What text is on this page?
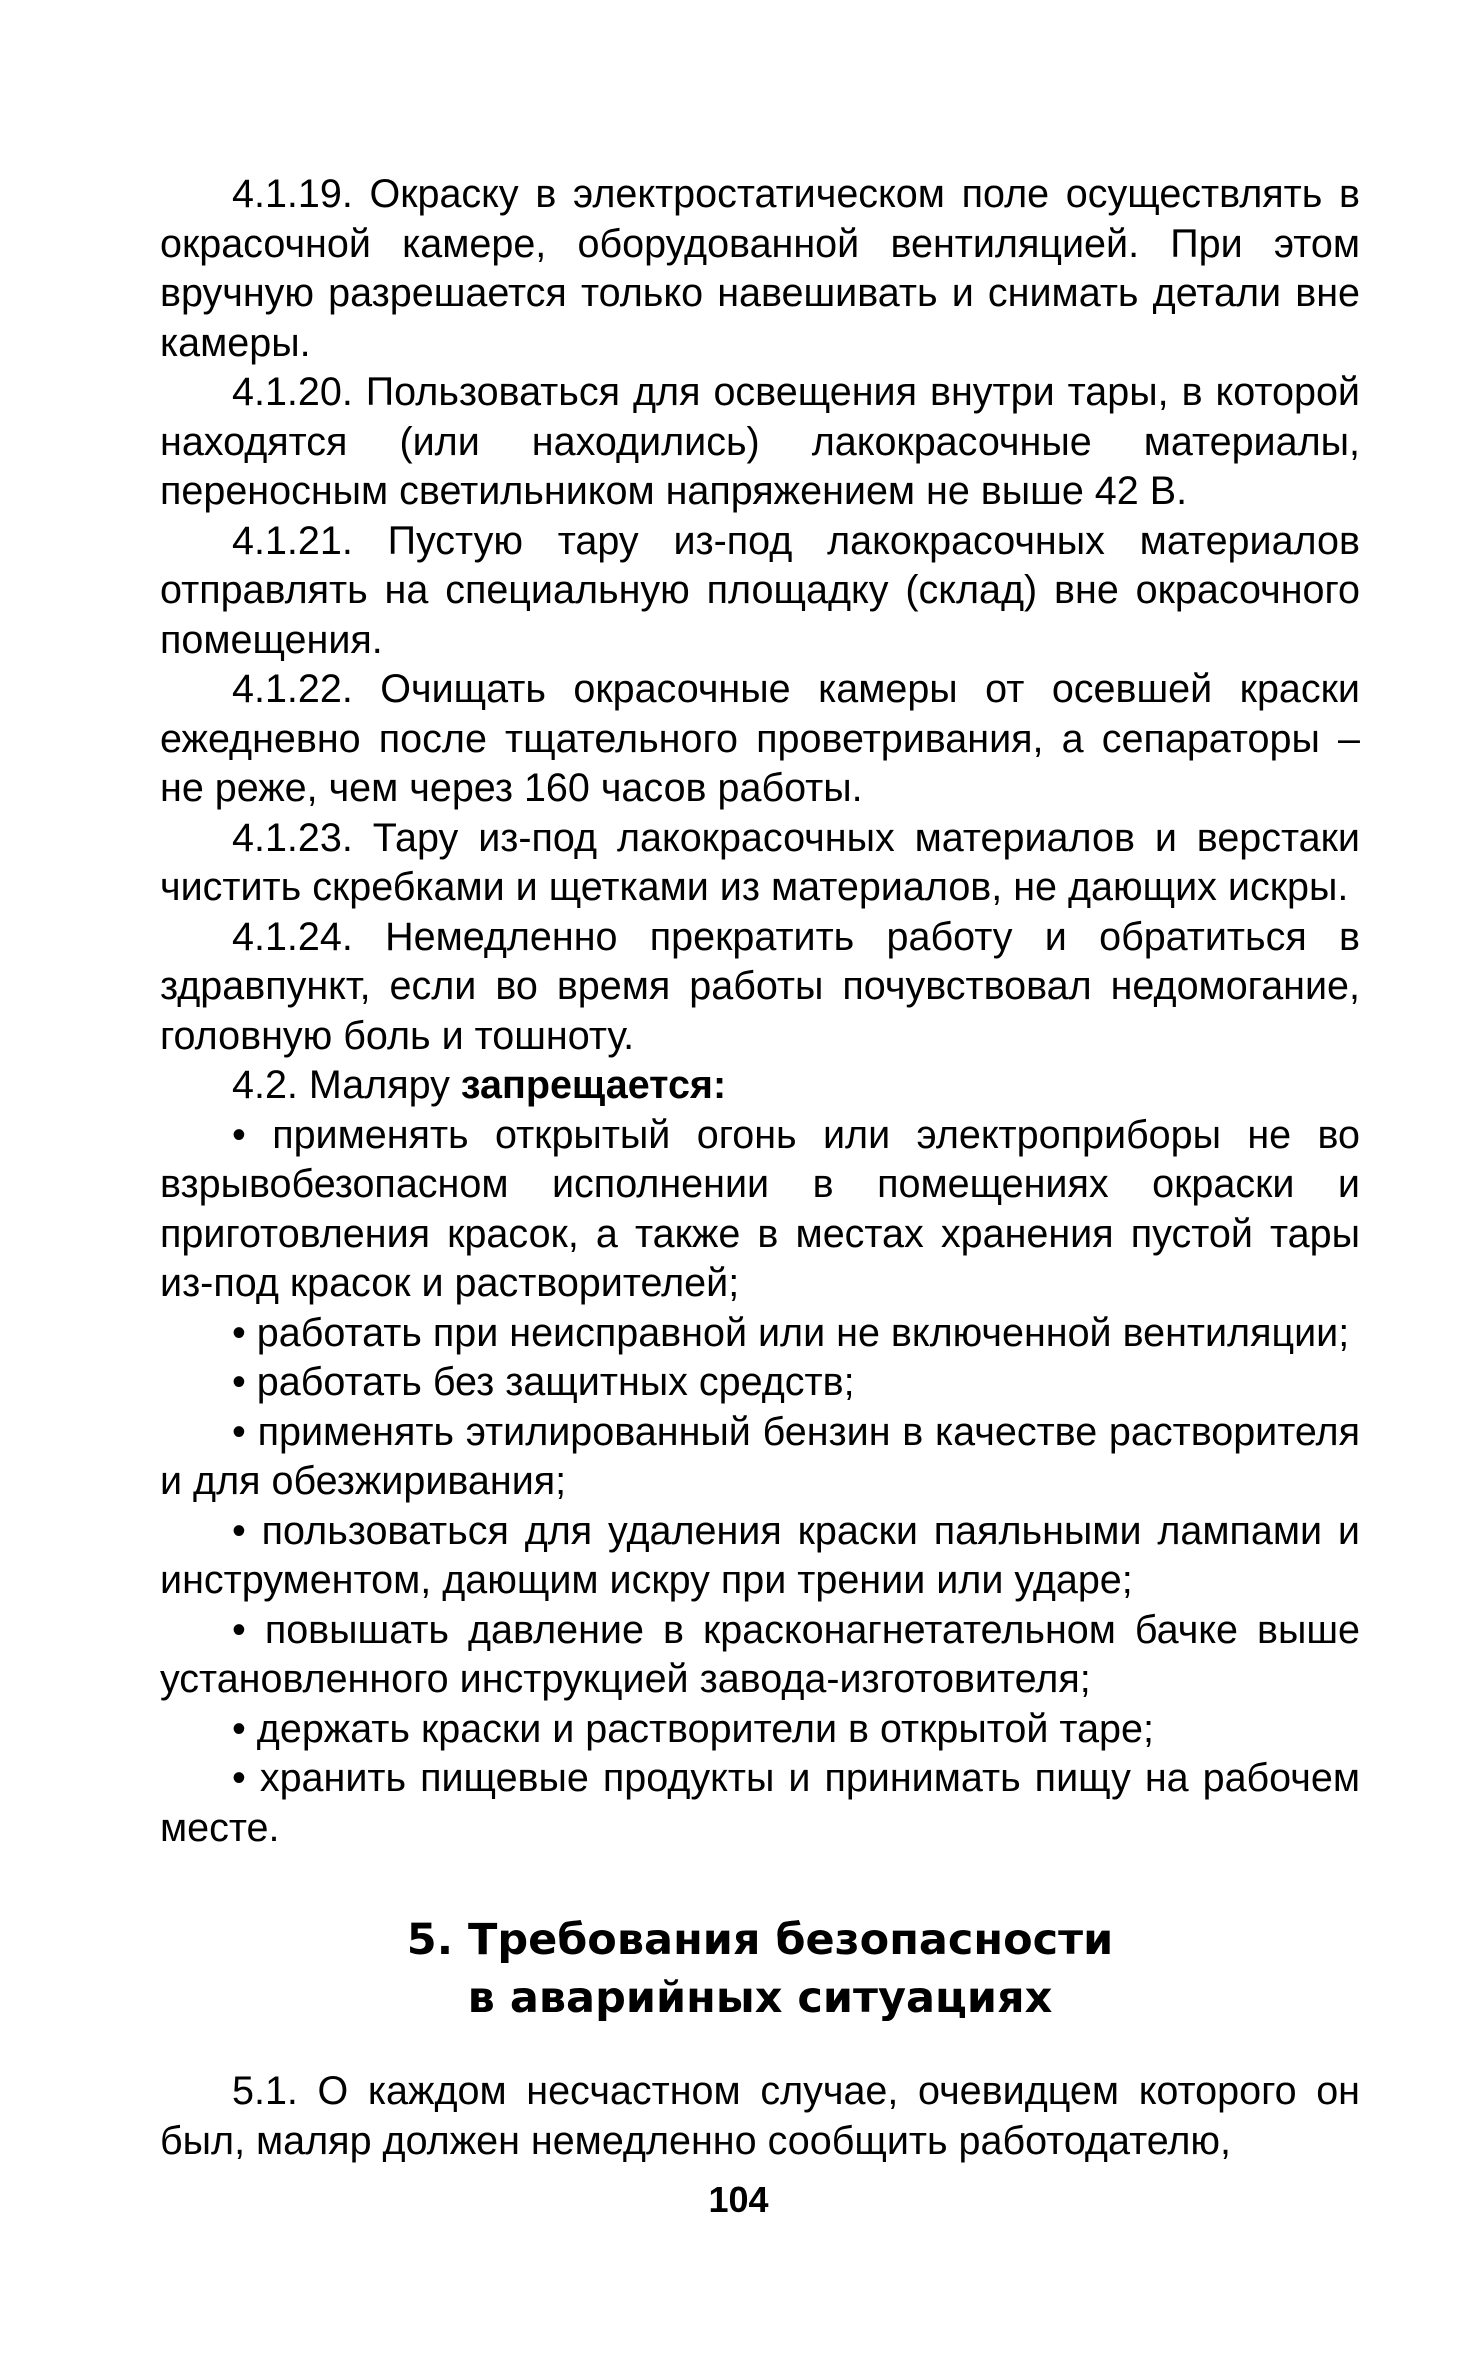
4.1.19. Окраску в электростатическом поле осуществлять в окрасочной камере, оборудованной вентиляцией. При этом вручную разрешается только навешивать и снимать детали вне камеры.

4.1.20. Пользоваться для освещения внутри тары, в которой находятся (или находились) лакокрасочные материалы, переносным светильником напряжением не выше 42 В.

4.1.21. Пустую тару из-под лакокрасочных материалов отправлять на специальную площадку (склад) вне окрасочного помещения.

4.1.22. Очищать окрасочные камеры от осевшей краски ежедневно после тщательного проветривания, а сепараторы – не реже, чем через 160 часов работы.

4.1.23. Тару из-под лакокрасочных материалов и верстаки чистить скребками и щетками из материалов, не дающих искры.

4.1.24. Немедленно прекратить работу и обратиться в здравпункт, если во время работы почувствовал недомогание, головную боль и тошноту.

4.2. Маляру запрещается:

• применять открытый огонь или электроприборы не во взрывобезопасном исполнении в помещениях окраски и приготовления красок, а также в местах хранения пустой тары из-под красок и растворителей;

• работать при неисправной или не включенной вентиляции;

• работать без защитных средств;

• применять этилированный бензин в качестве растворителя и для обезжиривания;

• пользоваться для удаления краски паяльными лампами и инструментом, дающим искру при трении или ударе;

• повышать давление в красконагнетательном бачке выше установленного инструкцией завода-изготовителя;

• держать краски и растворители в открытой таре;

• хранить пищевые продукты и принимать пищу на рабочем месте.

5. Требования безопасности
в аварийных ситуациях

5.1. О каждом несчастном случае, очевидцем которого он был, маляр должен немедленно сообщить работодателю,

104
